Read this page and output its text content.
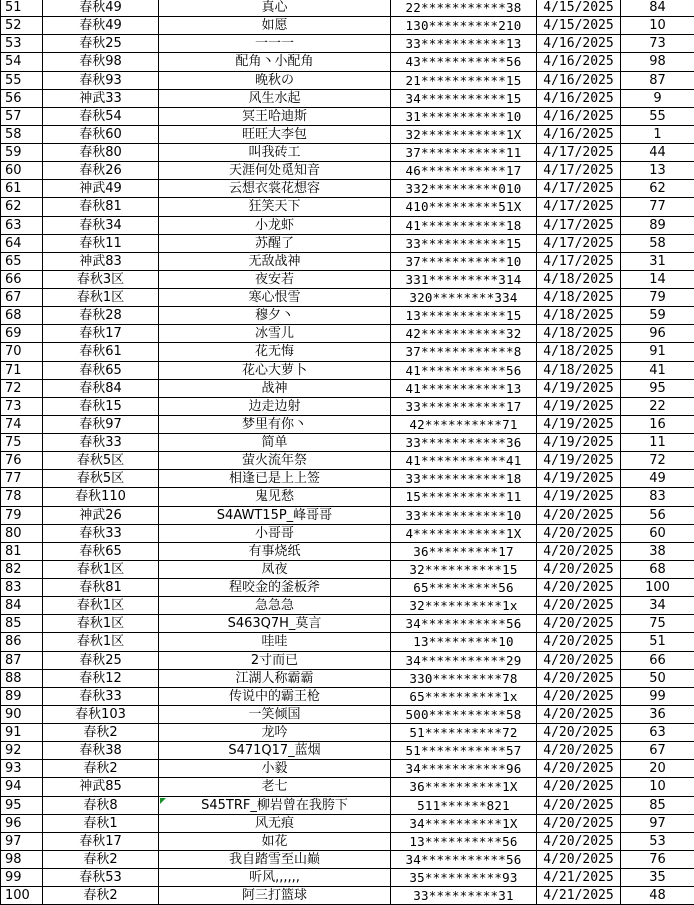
51	春秋49	真心	22***********38	4/15/2025	84
52	春秋49	如愿	130*********210	4/15/2025	10
53	春秋25	一一一	33***********13	4/16/2025	73
54	春秋98	配角丶小配角	43***********56	4/16/2025	98
55	春秋93	晚秋の	21***********15	4/16/2025	87
56	神武33	风生水起	34***********15	4/16/2025	9
57	春秋54	冥王哈迪斯	31***********10	4/16/2025	55
58	春秋60	旺旺大李包	32***********1X	4/16/2025	1
59	春秋80	叫我砖工	37***********11	4/17/2025	44
60	春秋26	天涯何处觅知音	46***********17	4/17/2025	13
61	神武49	云想衣裳花想容	332*********010	4/17/2025	62
62	春秋81	狂笑天下	410*********51X	4/17/2025	77
63	春秋34	小龙虾	41***********18	4/17/2025	89
64	春秋11	苏醒了	33***********15	4/17/2025	58
65	神武83	无敌战神	37***********10	4/17/2025	31
66	春秋3区	夜安若	331*********314	4/18/2025	14
67	春秋1区	寒心恨雪	320********334	4/18/2025	79
68	春秋28	穆夕丶	13***********15	4/18/2025	59
69	春秋17	冰雪儿	42***********32	4/18/2025	96
70	春秋61	花无悔	37************8	4/18/2025	91
71	春秋65	花心大萝卜	41***********56	4/18/2025	41
72	春秋84	战神	41***********13	4/19/2025	95
73	春秋15	边走边射	33***********17	4/19/2025	22
74	春秋97	梦里有你丶	42**********71	4/19/2025	16
75	春秋33	简单	33***********36	4/19/2025	11
76	春秋5区	萤火流年祭	41***********41	4/19/2025	72
77	春秋5区	相逢已是上上签	33***********18	4/19/2025	49
78	春秋110	鬼见愁	15***********11	4/19/2025	83
79	神武26	S4AWT15P_峰哥哥	33***********10	4/20/2025	56
80	春秋33	小哥哥	4************1X	4/20/2025	60
81	春秋65	有事烧纸	36*********17	4/20/2025	38
82	春秋1区	凤夜	32**********15	4/20/2025	68
83	春秋81	程咬金的釜板斧	65*********56	4/20/2025	100
84	春秋1区	急急急	32**********1x	4/20/2025	34
85	春秋1区	S463Q7H_莫言	34***********56	4/20/2025	75
86	春秋1区	哇哇	13*********10	4/20/2025	51
87	春秋25	2寸而已	34***********29	4/20/2025	66
88	春秋12	江湖人称霸霸	330*********78	4/20/2025	50
89	春秋33	传说中的霸王枪	65**********1x	4/20/2025	99
90	春秋103	一笑倾国	500**********58	4/20/2025	36
91	春秋2	龙吟	51**********72	4/20/2025	63
92	春秋38	S471Q17_蓝烟	51***********57	4/20/2025	67
93	春秋2	小毅	34***********96	4/20/2025	20
94	神武85	老七	36**********1X	4/20/2025	10
95	春秋8	S45TRF_柳岩曾在我胯下	511******821	4/20/2025	85
96	春秋1	风无痕	34**********1X	4/20/2025	97
97	春秋17	如花	13**********56	4/20/2025	53
98	春秋2	我自踏雪至山巅	34***********56	4/20/2025	76
99	春秋53	听风,,,,,,	35**********93	4/21/2025	35
100	春秋2	阿三打篮球	33*********31	4/21/2025	48
